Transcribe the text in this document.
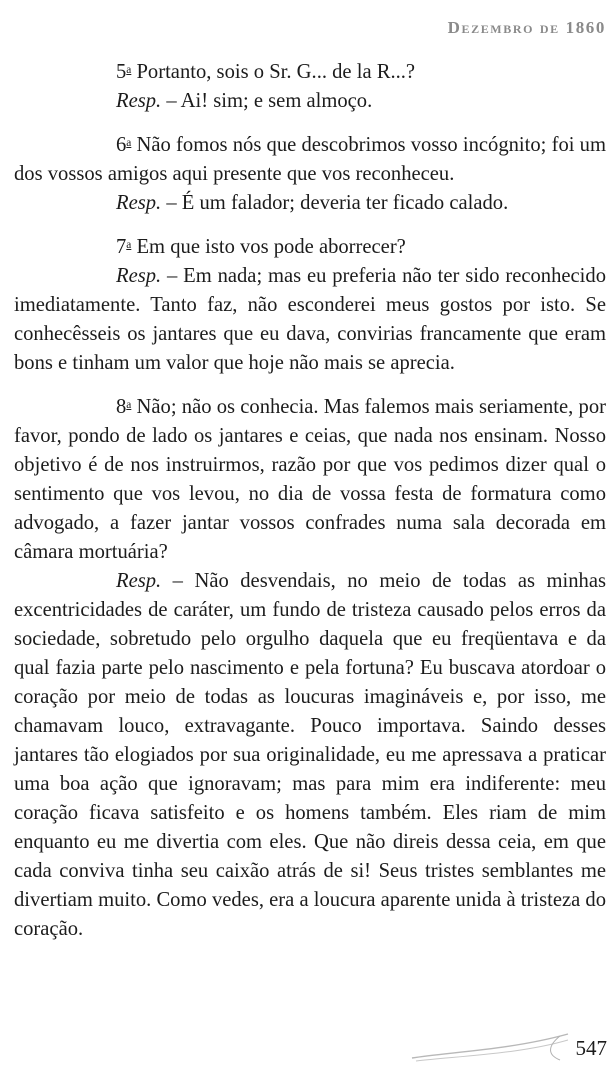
Dezembro de 1860

5$^a$ Portanto, sois o Sr. G... de la R...?

Resp. – Ai! sim; e sem almoço.

6$^a$ Não fomos nós que descobrimos vosso incógnito; foi um dos vossos amigos aqui presente que vos reconheceu.

Resp. – É um falador; deveria ter ficado calado.

7$^a$ Em que isto vos pode aborrecer?

Resp. – Em nada; mas eu preferia não ter sido reconhecido imediatamente. Tanto faz, não esconderei meus gostos por isto. Se conhecêsseis os jantares que eu dava, convirias francamente que eram bons e tinham um valor que hoje não mais se aprecia.

8$^a$ Não; não os conhecia. Mas falemos mais seriamente, por favor, pondo de lado os jantares e ceias, que nada nos ensinam. Nosso objetivo é de nos instruirmos, razão por que vos pedimos dizer qual o sentimento que vos levou, no dia de vossa festa de formatura como advogado, a fazer jantar vossos confrades numa sala decorada em câmara mortuária?

Resp. – Não desvendais, no meio de todas as minhas excentricidades de caráter, um fundo de tristeza causado pelos erros da sociedade, sobretudo pelo orgulho daquela que eu freqüentava e da qual fazia parte pelo nascimento e pela fortuna? Eu buscava atordoar o coração por meio de todas as loucuras imagináveis e, por isso, me chamavam louco, extravagante. Pouco importava. Saindo desses jantares tão elogiados por sua originalidade, eu me apressava a praticar uma boa ação que ignoravam; mas para mim era indiferente: meu coração ficava satisfeito e os homens também. Eles riam de mim enquanto eu me divertia com eles. Que não direis dessa ceia, em que cada conviva tinha seu caixão atrás de si! Seus tristes semblantes me divertiam muito. Como vedes, era a loucura aparente unida à tristeza do coração.

547
